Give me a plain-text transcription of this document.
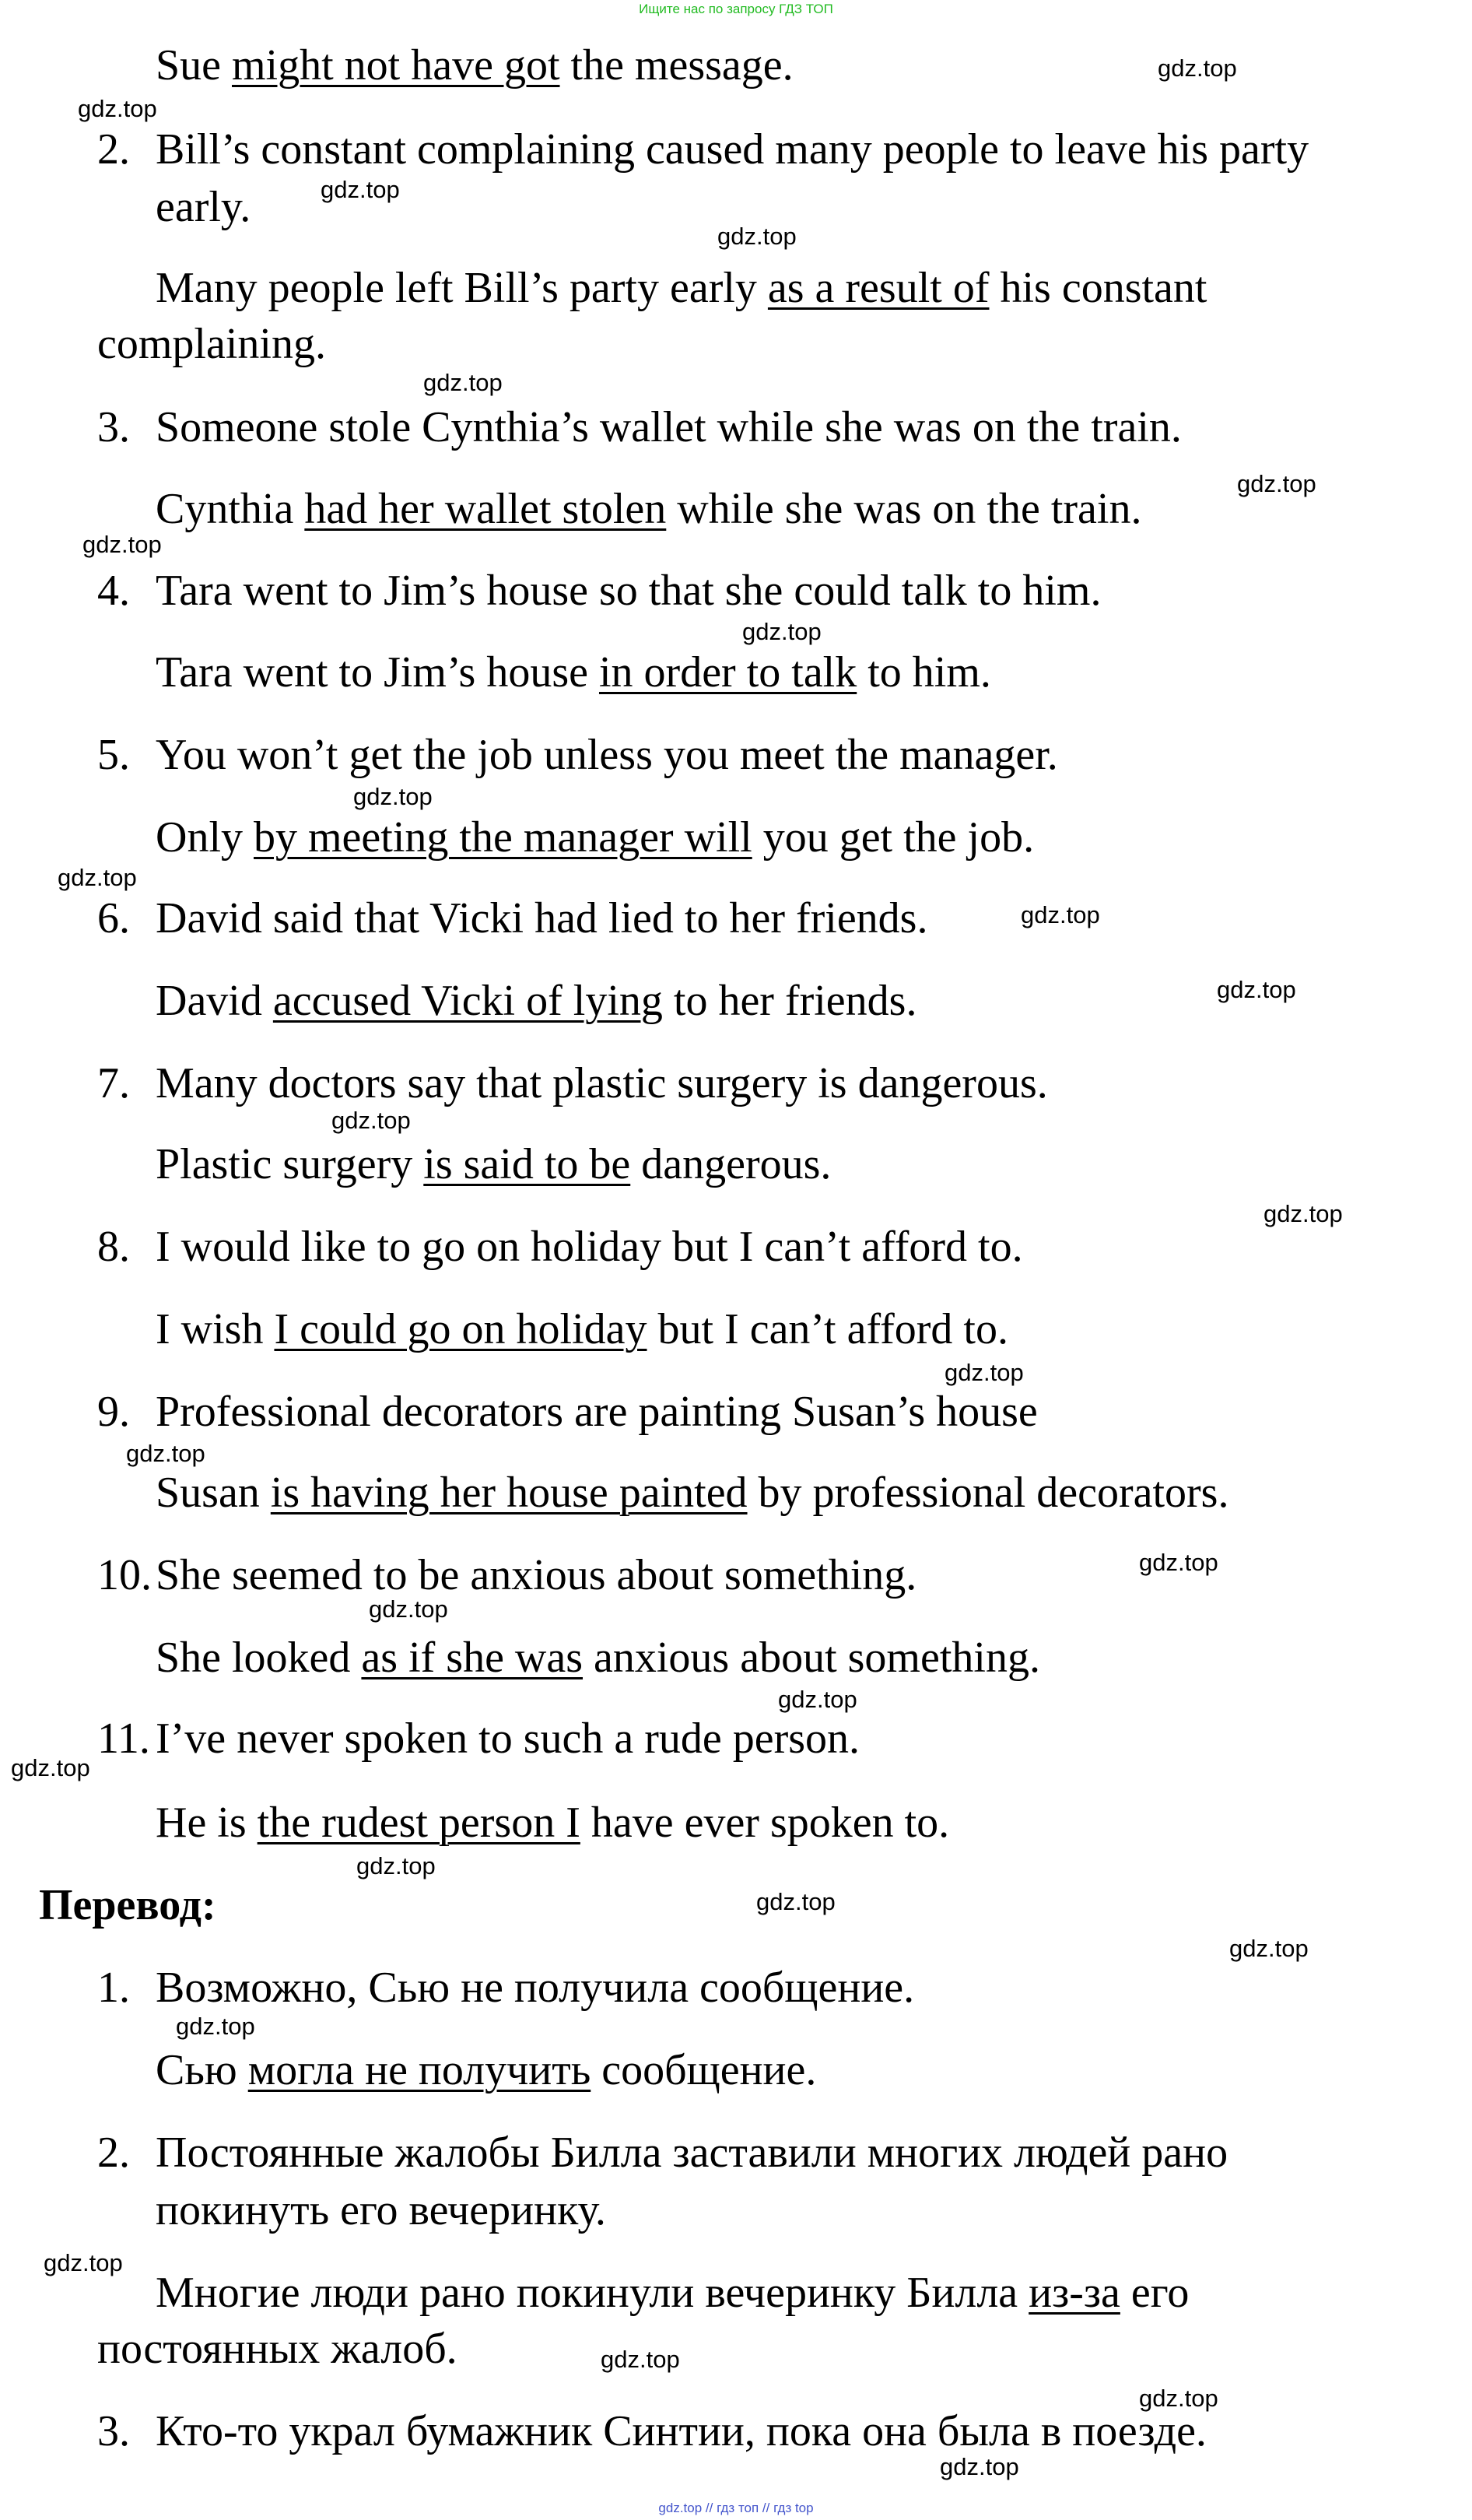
Ищите нас по запросу ГДЗ ТОП
Sue might not have got the message.
2. Bill’s constant complaining caused many people to leave his party
early.
Many people left Bill’s party early as a result of his constant
complaining.
3. Someone stole Cynthia’s wallet while she was on the train.
Cynthia had her wallet stolen while she was on the train.
4. Tara went to Jim’s house so that she could talk to him.
Tara went to Jim’s house in order to talk to him.
5. You won’t get the job unless you meet the manager.
Only by meeting the manager will you get the job.
6. David said that Vicki had lied to her friends.
David accused Vicki of lying to her friends.
7. Many doctors say that plastic surgery is dangerous.
Plastic surgery is said to be dangerous.
8. I would like to go on holiday but I can’t afford to.
I wish I could go on holiday but I can’t afford to.
9. Professional decorators are painting Susan’s house
Susan is having her house painted by professional decorators.
10. She seemed to be anxious about something.
She looked as if she was anxious about something.
11. I’ve never spoken to such a rude person.
He is the rudest person I have ever spoken to.
Перевод:
1. Возможно, Сью не получила сообщение.
Сью могла не получить сообщение.
2. Постоянные жалобы Билла заставили многих людей рано
покинуть его вечеринку.
Многие люди рано покинули вечеринку Билла из-за его
постоянных жалоб.
3. Кто-то украл бумажник Синтии, пока она была в поезде.
gdz.top
gdz.top
gdz.top
gdz.top
gdz.top
gdz.top
gdz.top
gdz.top
gdz.top
gdz.top
gdz.top
gdz.top
gdz.top
gdz.top
gdz.top
gdz.top
gdz.top
gdz.top
gdz.top
gdz.top
gdz.top
gdz.top
gdz.top
gdz.top
gdz.top
gdz.top
gdz.top
gdz.top
gdz.top // гдз топ // гдз top
